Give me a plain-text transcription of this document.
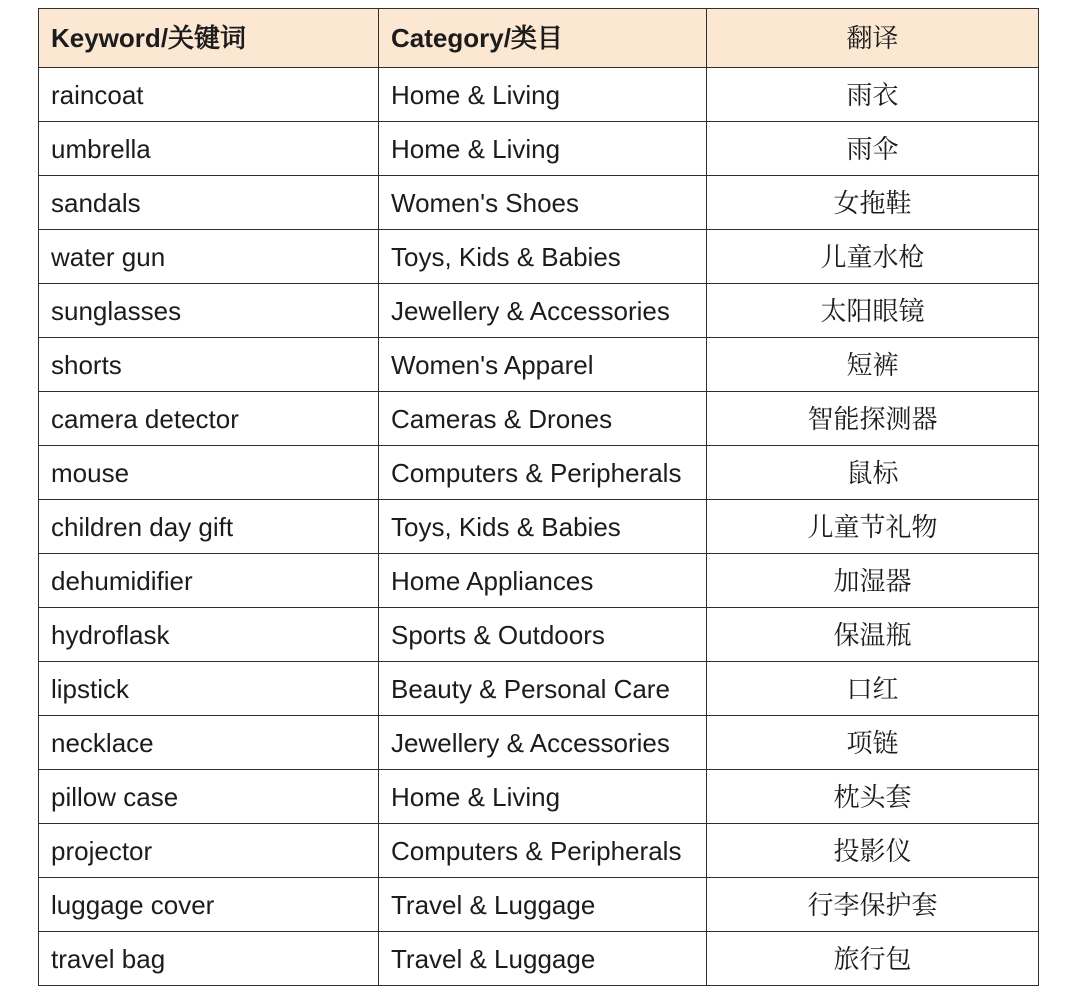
Keyword/关键词	Category/类目	翻译

raincoat	Home & Living	雨衣

umbrella	Home & Living	雨伞

sandals	Women's Shoes	女拖鞋

water gun	Toys, Kids & Babies	儿童水枪

sunglasses	Jewellery & Accessories	太阳眼镜

shorts	Women's Apparel	短裤

camera detector	Cameras & Drones	智能探测器

mouse	Computers & Peripherals	鼠标

children day gift	Toys, Kids & Babies	儿童节礼物

dehumidifier	Home Appliances	加湿器

hydroflask	Sports & Outdoors	保温瓶

lipstick	Beauty & Personal Care	口红

necklace	Jewellery & Accessories	项链

pillow case	Home & Living	枕头套

projector	Computers & Peripherals	投影仪

luggage cover	Travel & Luggage	行李保护套

travel bag	Travel & Luggage	旅行包
